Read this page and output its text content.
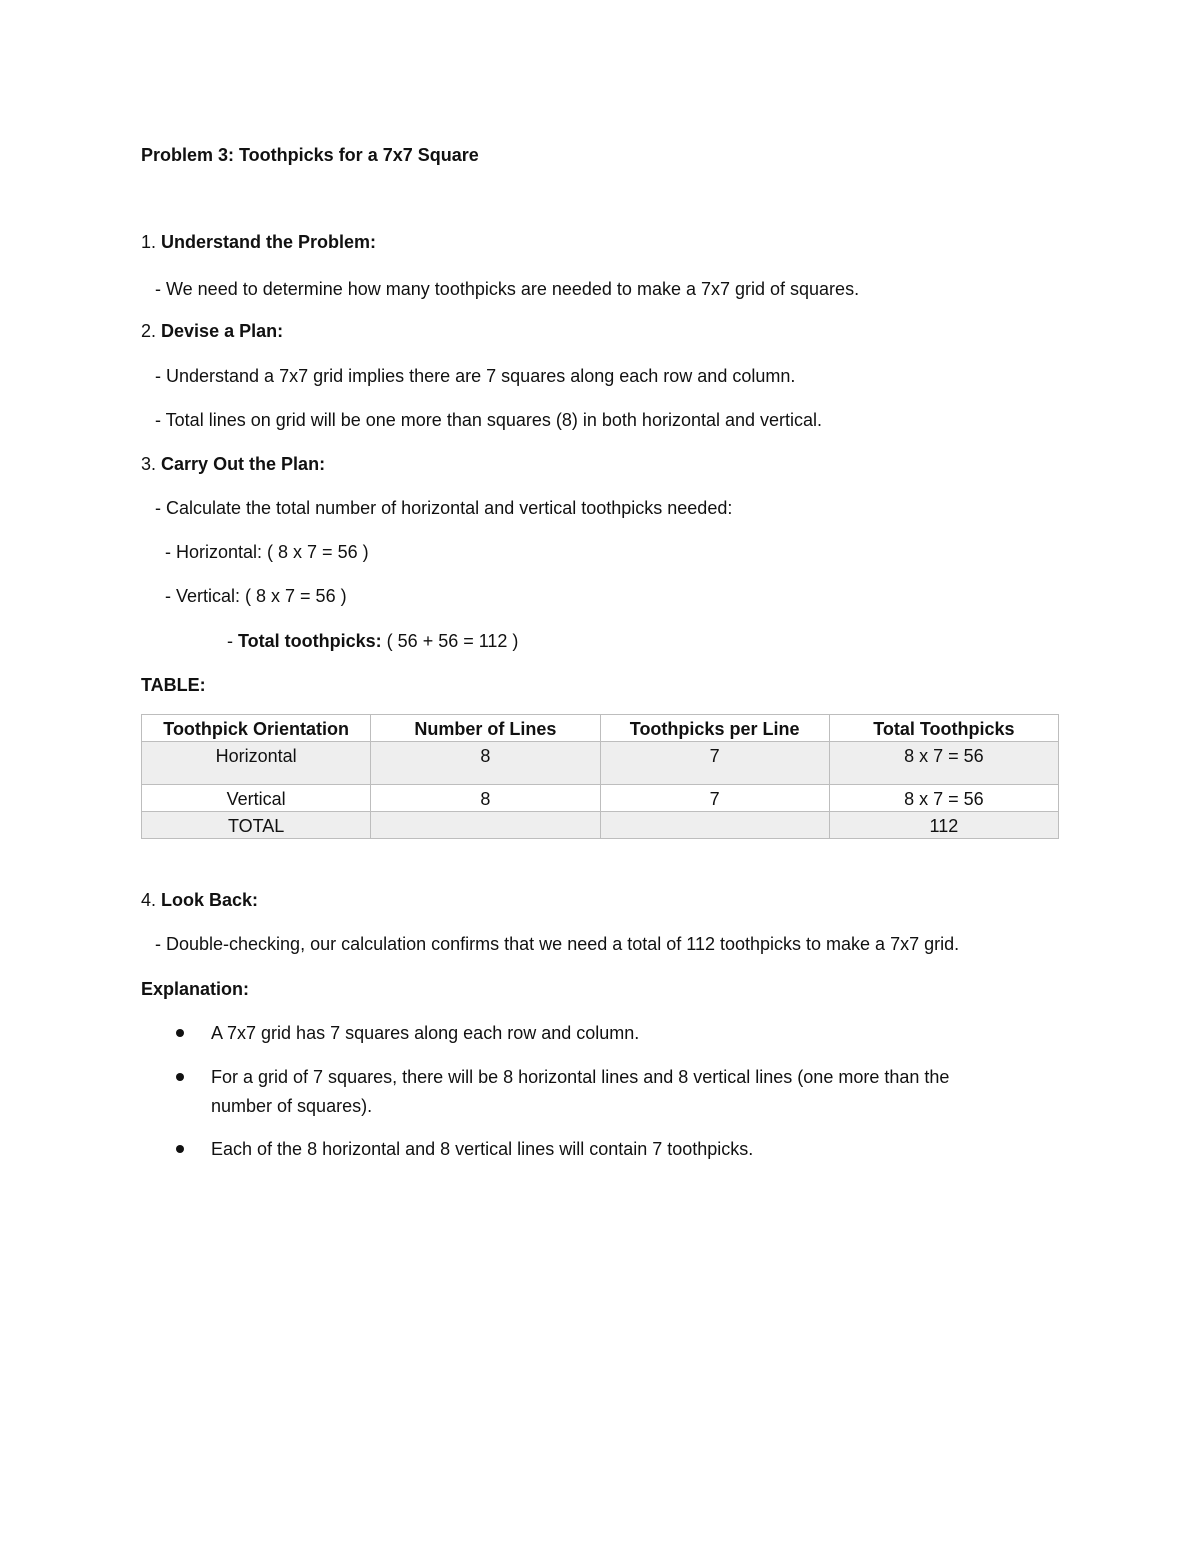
Problem 3: Toothpicks for a 7x7 Square
1. Understand the Problem:
- We need to determine how many toothpicks are needed to make a 7x7 grid of squares.
2. Devise a Plan:
- Understand a 7x7 grid implies there are 7 squares along each row and column.
- Total lines on grid will be one more than squares (8) in both horizontal and vertical.
3. Carry Out the Plan:
- Calculate the total number of horizontal and vertical toothpicks needed:
- Horizontal: ( 8 x 7 = 56 )
- Vertical: ( 8 x 7 = 56 )
- Total toothpicks: ( 56 + 56 = 112 )
TABLE:
Toothpick Orientation	Number of Lines	Toothpicks per Line	Total Toothpicks
Horizontal	8	7	8 x 7 = 56
Vertical	8	7	8 x 7 = 56
TOTAL			112
4. Look Back:
- Double-checking, our calculation confirms that we need a total of 112 toothpicks to make a 7x7 grid.
Explanation:
A 7x7 grid has 7 squares along each row and column.
For a grid of 7 squares, there will be 8 horizontal lines and 8 vertical lines (one more than the
number of squares).
Each of the 8 horizontal and 8 vertical lines will contain 7 toothpicks.
